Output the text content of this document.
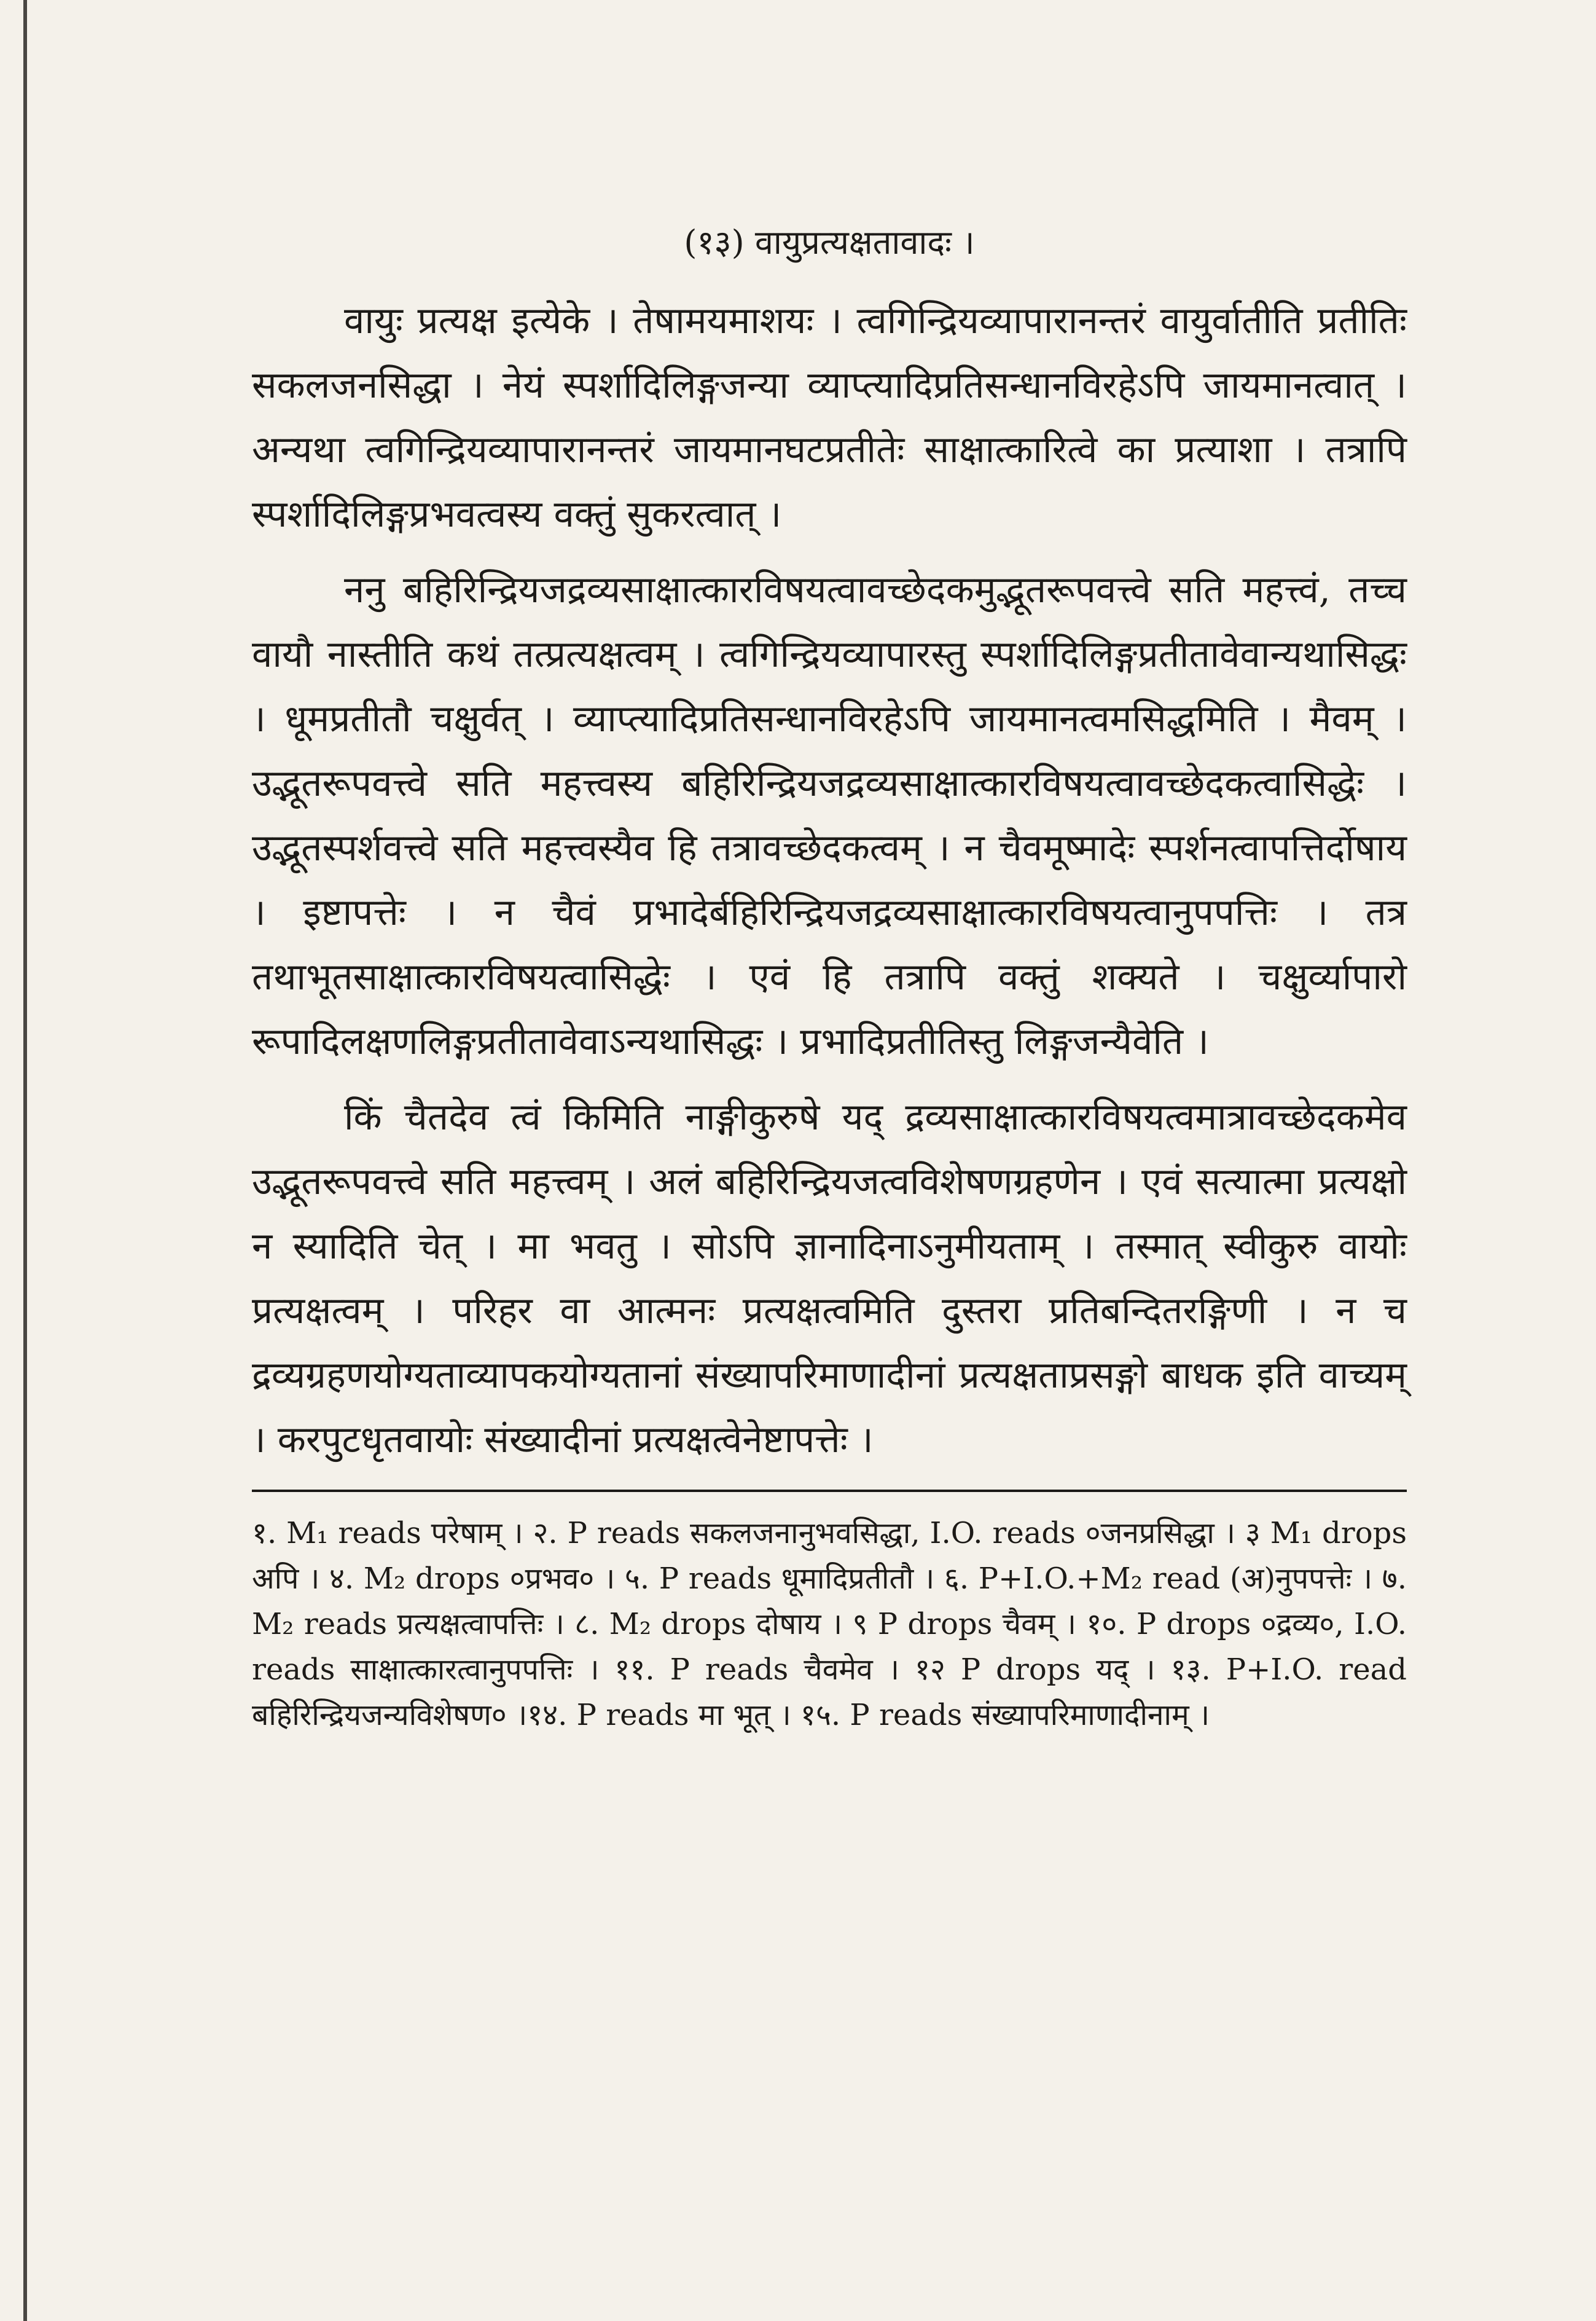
(१३) वायुप्रत्यक्षतावादः ।

वायुः प्रत्यक्ष इत्येके । तेषामयमाशयः । त्वगिन्द्रियव्यापारानन्तरं वायुर्वातीति प्रतीतिः सकलजनसिद्धा । नेयं स्पर्शादिलिङ्गजन्या व्याप्त्यादिप्रतिसन्धानविरहेऽपि जायमानत्वात् । अन्यथा त्वगिन्द्रियव्यापारानन्तरं जायमानघटप्रतीतेः साक्षात्कारित्वे का प्रत्याशा । तत्रापि स्पर्शादिलिङ्गप्रभवत्वस्य वक्तुं सुकरत्वात् ।

ननु बहिरिन्द्रियजद्रव्यसाक्षात्कारविषयत्वावच्छेदकमुद्भूतरूपवत्त्वे सति महत्त्वं, तच्च वायौ नास्तीति कथं तत्प्रत्यक्षत्वम् । त्वगिन्द्रियव्यापारस्तु स्पर्शादिलिङ्गप्रतीतावेवान्यथासिद्धः । धूमप्रतीतौ चक्षुर्वत् । व्याप्त्यादिप्रतिसन्धानविरहेऽपि जायमानत्वमसिद्धमिति । मैवम् । उद्भूतरूपवत्त्वे सति महत्त्वस्य बहिरिन्द्रियजद्रव्यसाक्षात्कारविषयत्वावच्छेदकत्वासिद्धेः । उद्भूतस्पर्शवत्त्वे सति महत्त्वस्यैव हि तत्रावच्छेदकत्वम् । न चैवमूष्मादेः स्पर्शनत्वापत्तिर्दोषाय । इष्टापत्तेः । न चैवं प्रभादेर्बहिरिन्द्रियजद्रव्यसाक्षात्कारविषयत्वानुपपत्तिः । तत्र तथाभूतसाक्षात्कारविषयत्वासिद्धेः । एवं हि तत्रापि वक्तुं शक्यते । चक्षुर्व्यापारो रूपादिलक्षणलिङ्गप्रतीतावेवाऽन्यथासिद्धः । प्रभादिप्रतीतिस्तु लिङ्गजन्यैवेति ।

किं चैतदेव त्वं किमिति नाङ्गीकुरुषे यद् द्रव्यसाक्षात्कारविषयत्वमात्रावच्छेदकमेव उद्भूतरूपवत्त्वे सति महत्त्वम् । अलं बहिरिन्द्रियजत्वविशेषणग्रहणेन । एवं सत्यात्मा प्रत्यक्षो न स्यादिति चेत् । मा भवतु । सोऽपि ज्ञानादिनाऽनुमीयताम् । तस्मात् स्वीकुरु वायोः प्रत्यक्षत्वम् । परिहर वा आत्मनः प्रत्यक्षत्वमिति दुस्तरा प्रतिबन्दितरङ्गिणी । न च द्रव्यग्रहणयोग्यताव्यापकयोग्यतानां संख्यापरिमाणादीनां प्रत्यक्षताप्रसङ्गो बाधक इति वाच्यम् । करपुटधृतवायोः संख्यादीनां प्रत्यक्षत्वेनेष्टापत्तेः ।

१. M₁ reads परेषाम् । २. P reads सकलजनानुभवसिद्धा, I.O. reads ०जनप्रसिद्धा । ३ M₁ drops अपि । ४. M₂ drops ०प्रभव० । ५. P reads धूमादिप्रतीतौ । ६. P+I.O.+M₂ read (अ)नुपपत्तेः । ७. M₂ reads प्रत्यक्षत्वापत्तिः । ८. M₂ drops दोषाय । ९ P drops चैवम् । १०. P drops ०द्रव्य०, I.O. reads साक्षात्कारत्वानुपपत्तिः । ११. P reads चैवमेव । १२ P drops यद् । १३. P+I.O. read बहिरिन्द्रियजन्यविशेषण० ।१४. P reads मा भूत् । १५. P reads संख्यापरिमाणादीनाम् ।
